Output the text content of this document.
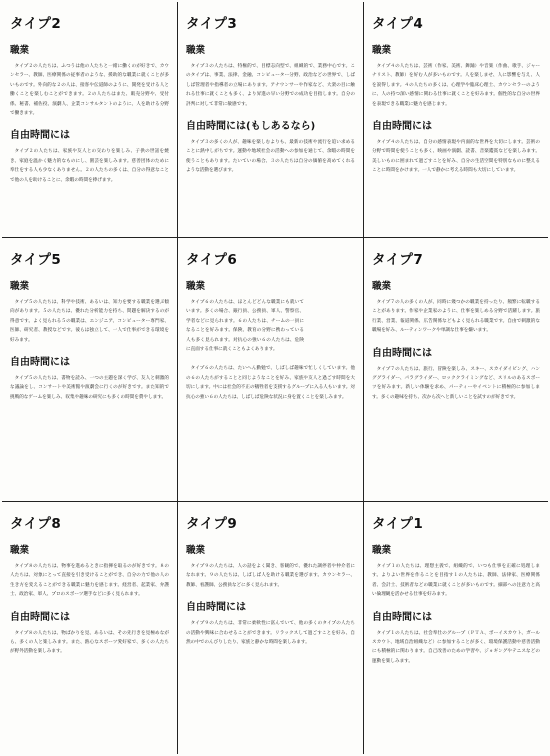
タイプ2
職業

タイプ２の人たちは、ふつうは他の人たちと一緒に働くのが好きで、カウンセラー、教師、医療関係の従事者のような、援助的な職業に就くことが多いものです。外向的な２の人は、接客や伝道師のように、開発を受ける人と働くことを楽しむことができます。２の人たちはまた、販売分野や、受付係、秘書、補佐役、演劇人、企業コンサルタントのように、人を助ける分野で働きます。

自由時間には

タイプ２の人たちは、家族や友人との交わりを楽しみ、子供の世話を焼き、家庭を温かく魅力的なものにし、園芸を楽しみます。慈善団体のために奉仕をする人も少なくありません。２の人たちの多くは、自分の得意なことで他の人を助けることに、余暇の時間を捧げます。

タイプ3
職業

タイプ３の人たちは、特権的で、目標志向型で、組織的で、業務中心です。このタイプは、事業、法律、金融、コンピューター分野、政治などの世界で、しばしば管理者や指導者の立場にあります。アナウンサーや作家など、大衆の目に触れる仕事に就くことも多く、より昇進の早い分野での成功を目指します。自分の評判に対して非常に敏感です。

自由時間には(もしあるなら)

タイプ３の多くの人が、趣味を楽しむよりも、最新の技術や流行を追い求めることに熱中しがちです。運動や地域社会の活動への参加を通じて、余暇の時間を使うこともあります。たいていの場合、３の人たちは自分の価値を高めてくれるような活動を選びます。

タイプ4
職業

タイプ４の人たちは、芸術（作家、美術、舞踊）や音楽（作曲、歌手、ジャーナリスト、教師）を好む人が多いものです。人を楽しませ、人に影響を与え、人を説得します。４の人たちの多くは、心理学や臨床心理士、カウンセラーのように、人の持つ深い感情に関わる仕事に就くことを好みます。個性的な自分の世界を表現できる職業に魅力を感じます。

自由時間には

タイプ４の人たちは、自分の感情表現や内面的な世界を大切にします。芸術の分野で時間を使うことも多く、映画や演劇、読書、音楽鑑賞などを楽しみます。美しいものに囲まれて過ごすことを好み、自分の生活空間を特別なものに整えることに時間をかけます。一人で静かに考える時間も大切にしています。

タイプ5
職業

タイプ５の人たちは、科学や技術、あるいは、知力を要する職業を選ぶ傾向があります。５の人たちは、優れた分析能力を持ち、問題を解決するのが得意です。よく見られる５の職業は、エンジニア、コンピューター専門家、医師、研究者、教授などです。彼らは独立して、一人で仕事ができる環境を好みます。

自由時間には

タイプ５の人たちは、書物を読み、一つの主題を深く学び、友人と刺激的な議論をし、コンサートや美術館や演劇会に行くのが好きです。また知的で挑戦的なゲームを楽しみ、収集や趣味の研究にも多くの時間を費やします。

タイプ6
職業

タイプ６の人たちは、ほとんどどんな職業にも就いています。多くの場合、銀行員、公務員、軍人、警察官、学者などに見られます。６の人たちは、チームの一員になることを好みます。保険、教育の分野に携わっている人も多く見られます。対抗心の強い６の人たちは、危険に直面する仕事に就くこともよくあります。

タイプ６の人たちは、たいへん勤勉で、しばしば趣味で忙しくしています。他の６の人たちがすることと同じようなことを好み、家族や友人と過ごす時間を大切にします。中には社会的不正の犠牲者を支援するグループに入る人もいます。対抗心の強い６の人たちは、しばしば危険な状況に身を置くことを楽しみます。

タイプ7
職業

タイプ７の人の多くの人が、同時に幾つかの職業を持ったり、頻繁に転職することがあります。作家や企業家のように、仕事を楽しめる分野で活躍します。旅行業、営業、報道関係、広告関係などもよく見られる職業です。自由で刺激的な職場を好み、ルーティンワークや単調な仕事を嫌います。

自由時間には

タイプ７の人たちは、旅行、冒険を楽しみ、スキー、スカイダイビング、ハンググライダー、パラグライダー、ロッククライミングなど、スリルのあるスポーツを好みます。新しい体験を求め、パーティーやイベントに積極的に参加します。多くの趣味を持ち、次から次へと新しいことを試すのが好きです。

タイプ8
職業

タイプ８の人たちは、物事を進めるときに指揮を取るのが好きです。８の人たちは、対象にとって直接を引き受けることができ、自分の力で他の人の生き方を変えることができる職業に魅力を感じます。経営者、起業家、弁護士、政治家、軍人、プロのスポーツ選手などに多く見られます。

自由時間には

タイプ８の人たちは、物ばかりを見、あるいは、その先行きを見極めながら、多くの人と楽しみます。また、熱心なスポーツ愛好家で、多くの人たちが野外活動を楽しみます。

タイプ9
職業

タイプ９の人たちは、人の話をよく聞き、客観的で、優れた調停者や仲介者になれます。９の人たちは、しばしば人を助ける職業を選びます。カウンセラー、教師、看護師、公務員などに多く見られます。

自由時間には

タイプ９の人たちは、非常に柔軟性に富んでいて、他の多くのタイプの人たちの活動や興味に合わせることができます。リラックスして過ごすことを好み、自然の中でのんびりしたり、家族と静かな時間を楽しみます。

タイプ1
職業

タイプ１の人たちは、理想主義で、組織的で、いつも仕事を正確に処理します。よりよい世界を作ることを目指す１の人たちは、教師、法律家、医療関係者、会計士、技術者などの職業に就くことが多いものです。細部への注意力と高い倫理観を活かせる仕事を好みます。

自由時間には

タイプ１の人たちは、社会奉仕のグループ（ＰＴＡ、ボーイスカウト、ガールスカウト、地域自治組織など）に参加することが多く、環境保護活動や慈善活動にも積極的に関わります。自己改善のための学習や、ジョギングやテニスなどの運動を楽しみます。
